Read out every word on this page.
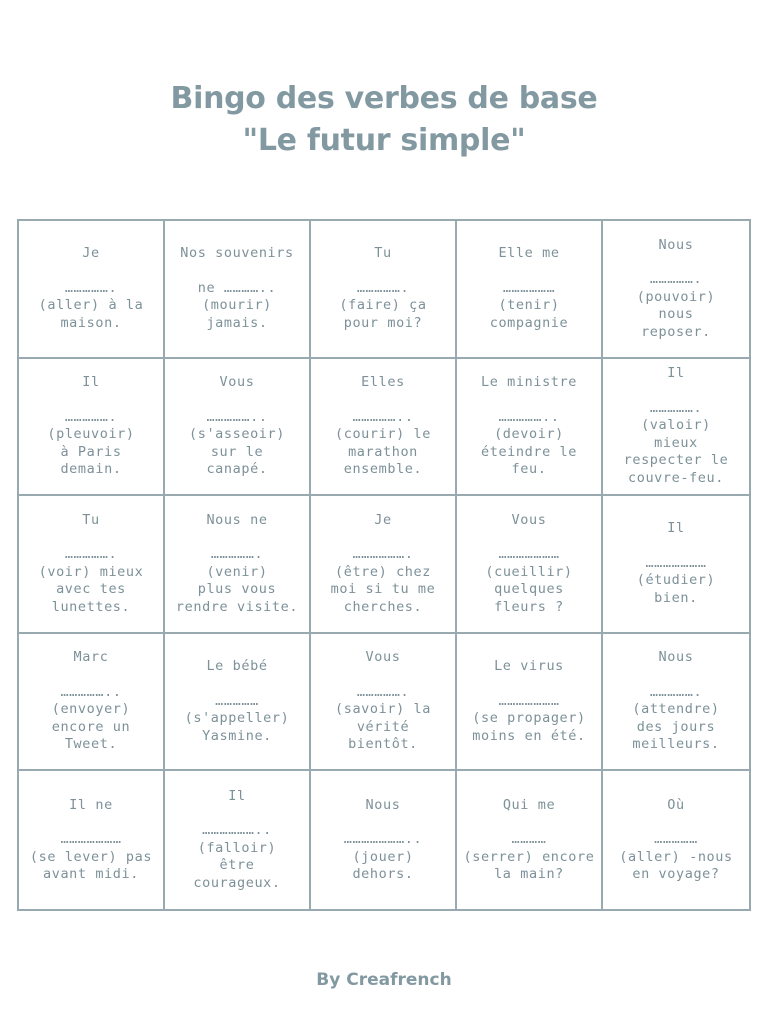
Bingo des verbes de base
"Le futur simple"
Je
…………….
(aller) à la
maison.
Nos souvenirs
ne …………..
(mourir)
jamais.
Tu
…………….
(faire) ça
pour moi?
Elle me
………………
(tenir)
compagnie
Nous
…………….
(pouvoir)
nous
reposer.
Il
…………….
(pleuvoir)
à Paris
demain.
Vous
……………..
(s'asseoir)
sur le
canapé.
Elles
……………..
(courir) le
marathon
ensemble.
Le ministre
……………..
(devoir)
éteindre le
feu.
Il
…………….
(valoir)
mieux
respecter le
couvre-feu.
Tu
…………….
(voir) mieux
avec tes
lunettes.
Nous ne
…………….
(venir)
plus vous
rendre visite.
Je
……………….
(être) chez
moi si tu me
cherches.
Vous
…………………
(cueillir)
quelques
fleurs ?
Il
…………………
(étudier)
bien.
Marc
……………..
(envoyer)
encore un
Tweet.
Le bébé
……………
(s'appeller)
Yasmine.
Vous
…………….
(savoir) la
vérité
bientôt.
Le virus
…………………
(se propager)
moins en été.
Nous
…………….
(attendre)
des jours
meilleurs.
Il ne
…………………
(se lever) pas
avant midi.
Il
………………..
(falloir)
être
courageux.
Nous
…………………..
(jouer)
dehors.
Qui me
…………
(serrer) encore
la main?
Où
……………
(aller) -nous
en voyage?
By Creafrench
